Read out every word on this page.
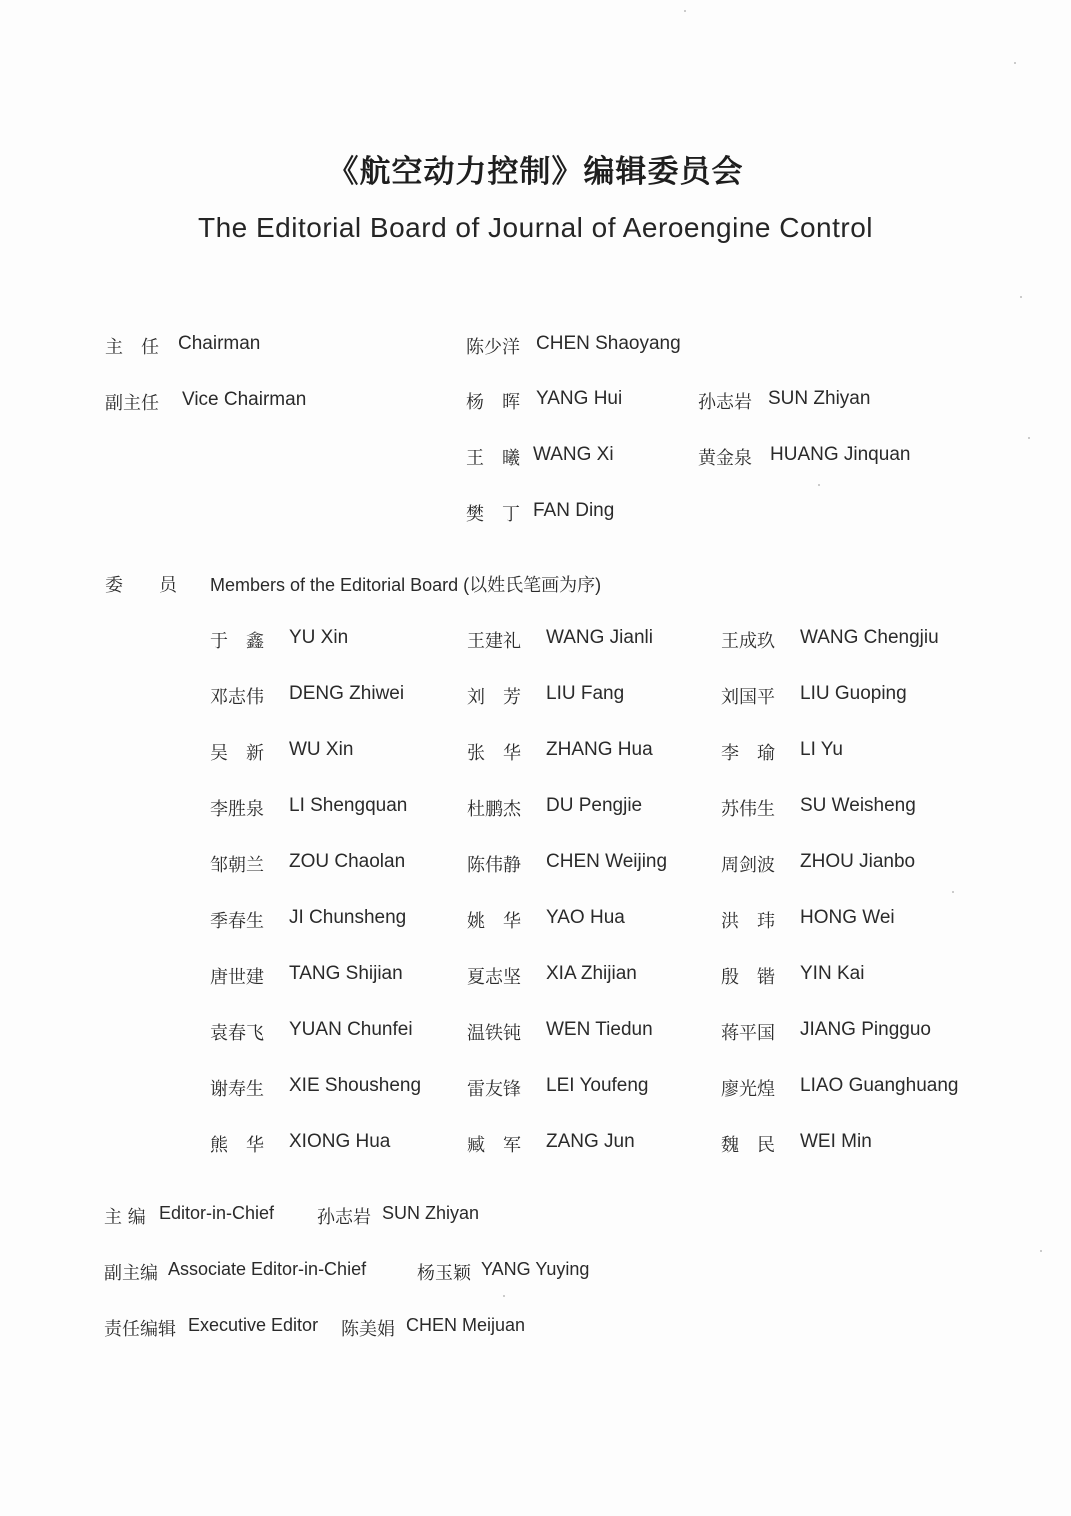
《航空动力控制》编辑委员会
The Editorial Board of Journal of Aeroengine Control
主　任 Chairman	陈少洋 CHEN Shaoyang
副主任 Vice Chairman	杨　晖 YANG Hui	孙志岩 SUN Zhiyan
王　曦 WANG Xi	黄金泉 HUANG Jinquan
樊　丁 FAN Ding
委　　员 Members of the Editorial Board (以姓氏笔画为序)
于　鑫 YU Xin	王建礼 WANG Jianli	王成玖 WANG Chengjiu
邓志伟 DENG Zhiwei	刘　芳 LIU Fang	刘国平 LIU Guoping
吴　新 WU Xin	张　华 ZHANG Hua	李　瑜 LI Yu
李胜泉 LI Shengquan	杜鹏杰 DU Pengjie	苏伟生 SU Weisheng
邹朝兰 ZOU Chaolan	陈伟静 CHEN Weijing	周剑波 ZHOU Jianbo
季春生 JI Chunsheng	姚　华 YAO Hua	洪　玮 HONG Wei
唐世建 TANG Shijian	夏志坚 XIA Zhijian	殷　锴 YIN Kai
袁春飞 YUAN Chunfei	温铁钝 WEN Tiedun	蒋平国 JIANG Pingguo
谢寿生 XIE Shousheng	雷友锋 LEI Youfeng	廖光煌 LIAO Guanghuang
熊　华 XIONG Hua	臧　军 ZANG Jun	魏　民 WEI Min
主 编 Editor-in-Chief 孙志岩 SUN Zhiyan
副主编 Associate Editor-in-Chief	杨玉颖 YANG Yuying
责任编辑 Executive Editor 陈美娟 CHEN Meijuan
